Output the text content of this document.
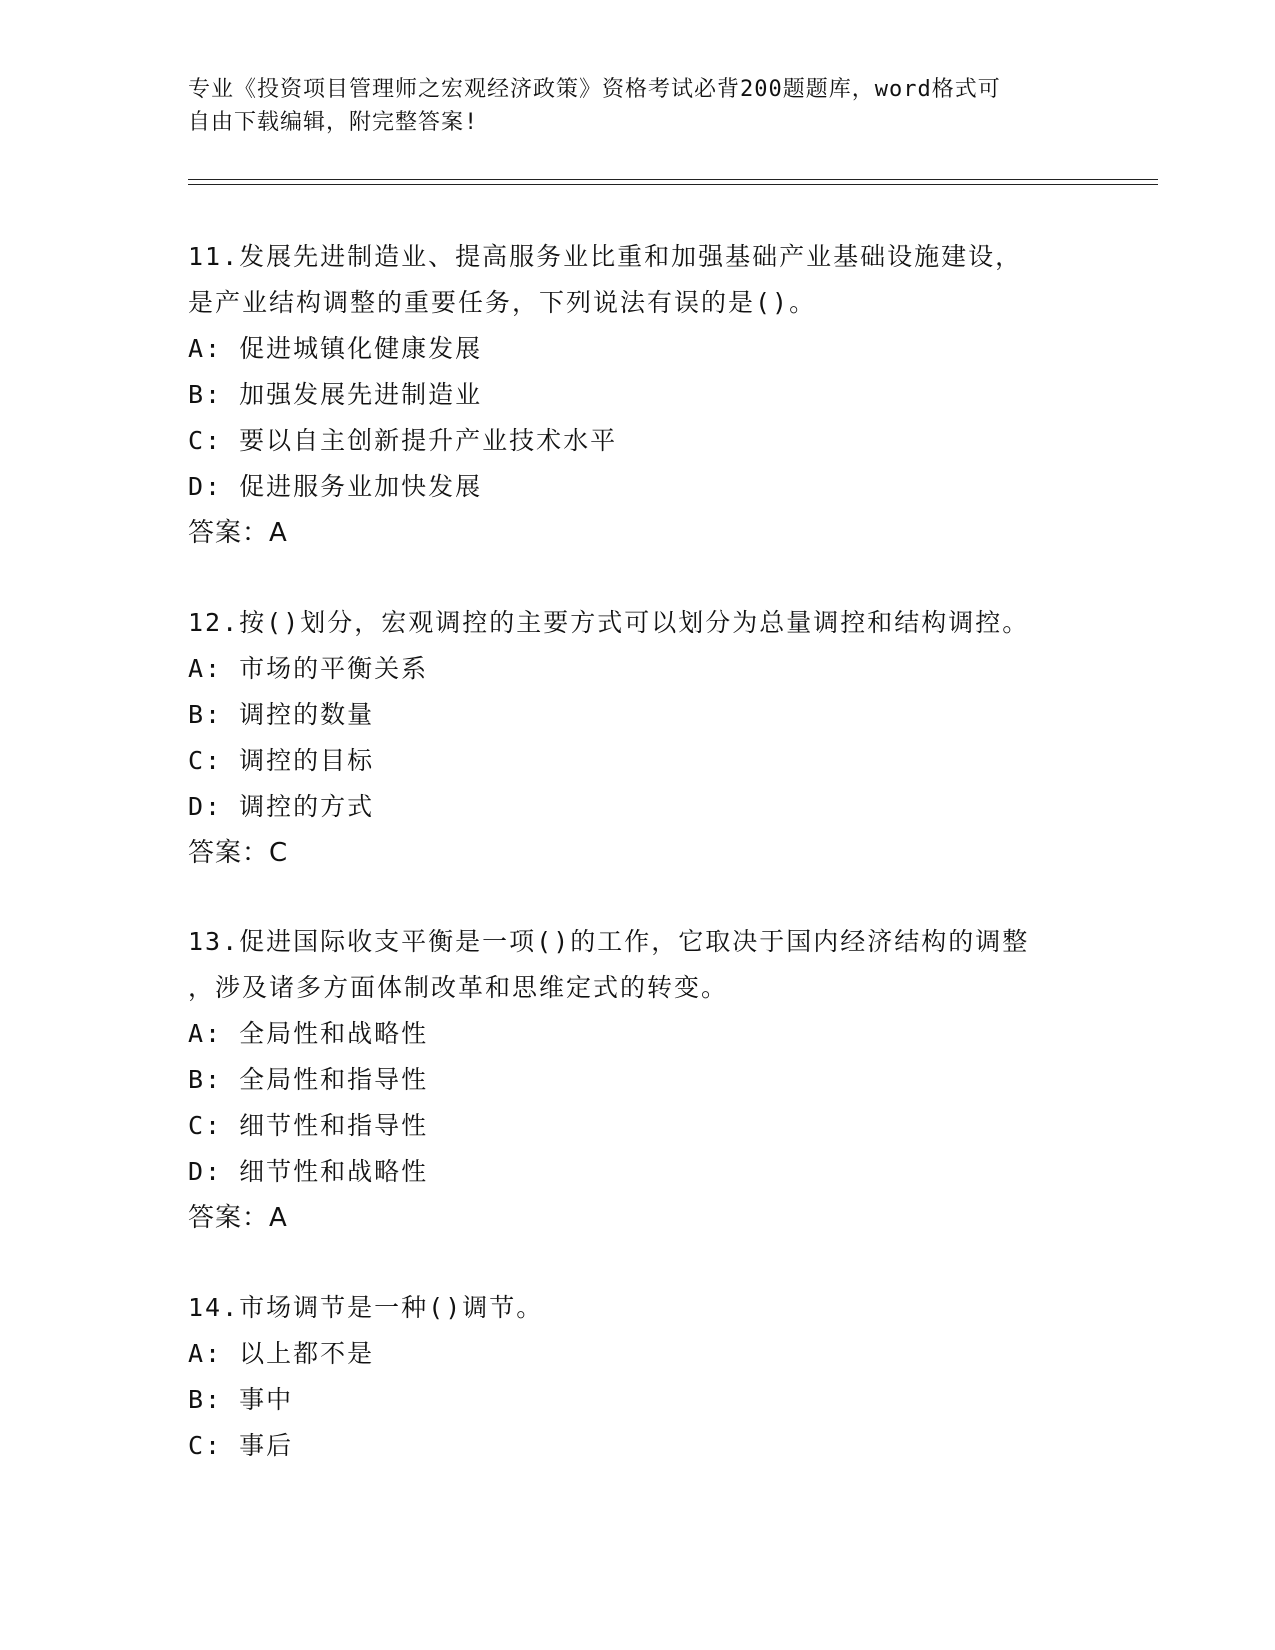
专业《投资项目管理师之宏观经济政策》资格考试必背200题题库，word格式可
自由下载编辑，附完整答案!
11.发展先进制造业、提高服务业比重和加强基础产业基础设施建设，
是产业结构调整的重要任务，下列说法有误的是()。
A: 促进城镇化健康发展
B: 加强发展先进制造业
C: 要以自主创新提升产业技术水平
D: 促进服务业加快发展
答案：A
12.按()划分，宏观调控的主要方式可以划分为总量调控和结构调控。
A: 市场的平衡关系
B: 调控的数量
C: 调控的目标
D: 调控的方式
答案：C
13.促进国际收支平衡是一项()的工作，它取决于国内经济结构的调整
，涉及诸多方面体制改革和思维定式的转变。
A: 全局性和战略性
B: 全局性和指导性
C: 细节性和指导性
D: 细节性和战略性
答案：A
14.市场调节是一种()调节。
A: 以上都不是
B: 事中
C: 事后
